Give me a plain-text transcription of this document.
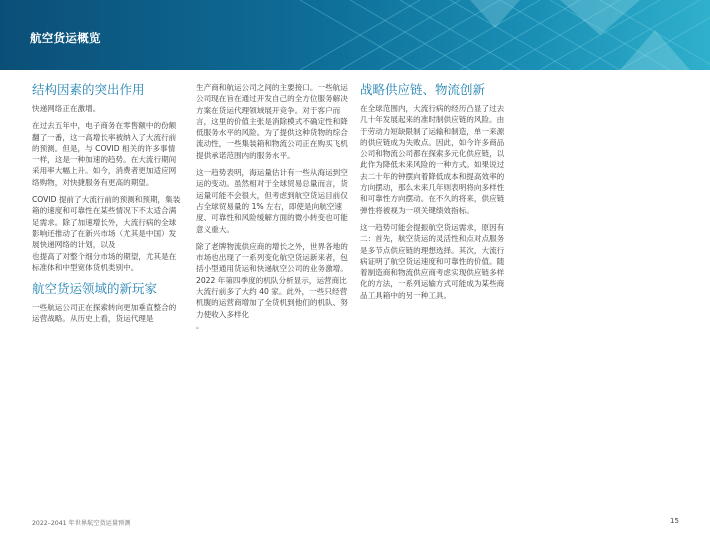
航空货运概览
结构因素的突出作用

快递网络正在激增。

在过去五年中，电子商务在零售额中的份额翻了一番，这一高增长率被纳入了大流行前的预测。但是，与 COVID 相关的许多事情一样，这是一种加速的趋势。在大流行期间采用率大幅上升。如今，消费者更加适应网络购物，对快捷服务有更高的期望。

COVID 提前了大流行前的预测和预期，集装箱的速度和可靠性在某些情况下不太适合满足需求。除了加速增长外，大流行病的全球影响还推动了在新兴市场（尤其是中国）发展快递网络的计划，以及

也提高了对整个细分市场的期望，尤其是在标准体和中型宽体货机类别中。

航空货运领域的新玩家

一些航运公司正在探索转向更加垂直整合的运营战略。从历史上看，货运代理是

生产商和航运公司之间的主要接口。一些航运公司现在旨在通过开发自己的全方位服务解决方案在货运代理领域展开竞争。对于客户而言，这里的价值主张是消除模式不确定性和降低服务水平的风险。为了提供这种货物的综合流动性，一些集装箱和物流公司正在购买飞机

提供承诺范围内的服务水平。

这一趋势表明，海运量估计有一些从海运到空运的变动。虽然相对于全球贸易总量而言，货运量可能不会很大，但考虑到航空货运目前仅占全球贸易量的 1% 左右，即使是向航空速度、可靠性和风险缓解方面的微小转变也可能意义重大。

除了老牌物流供应商的增长之外，世界各地的市场也出现了一系列变化航空货运新来者，包括小型通用货运和快递航空公司的业务激增。 2022 年第四季度的机队分析显示，运营商比大流行前多了大约 40 家。此外，一些只经营机腹的运营商增加了全货机到他们的机队、努力使收入多样化

。

战略供应链、物流创新

在全球范围内，大流行病的经历凸显了过去几十年发展起来的准时制供应链的风险。由于劳动力短缺限制了运输和制造，单一来源的供应链成为失败点。因此，如今许多商品公司和物流公司都在探索多元化供应链，以此作为降低未来风险的一种方式。如果说过去二十年的钟摆向着降低成本和提高效率的方向摆动，那么未来几年则表明将向多样性和可靠性方向摆动。在不久的将来，供应链弹性将被视为一项关键绩效指标。

这一趋势可能会提振航空货运需求，原因有二：首先，航空货运的灵活性和点对点服务是多节点供应链的理想选择。其次，大流行病证明了航空货运速度和可靠性的价值。随着制造商和物流供应商考虑实现供应链多样化的方法，一系列运输方式可能成为某些商品工具箱中的另一种工具。

2022–2041 年世界航空货运量预测	15
